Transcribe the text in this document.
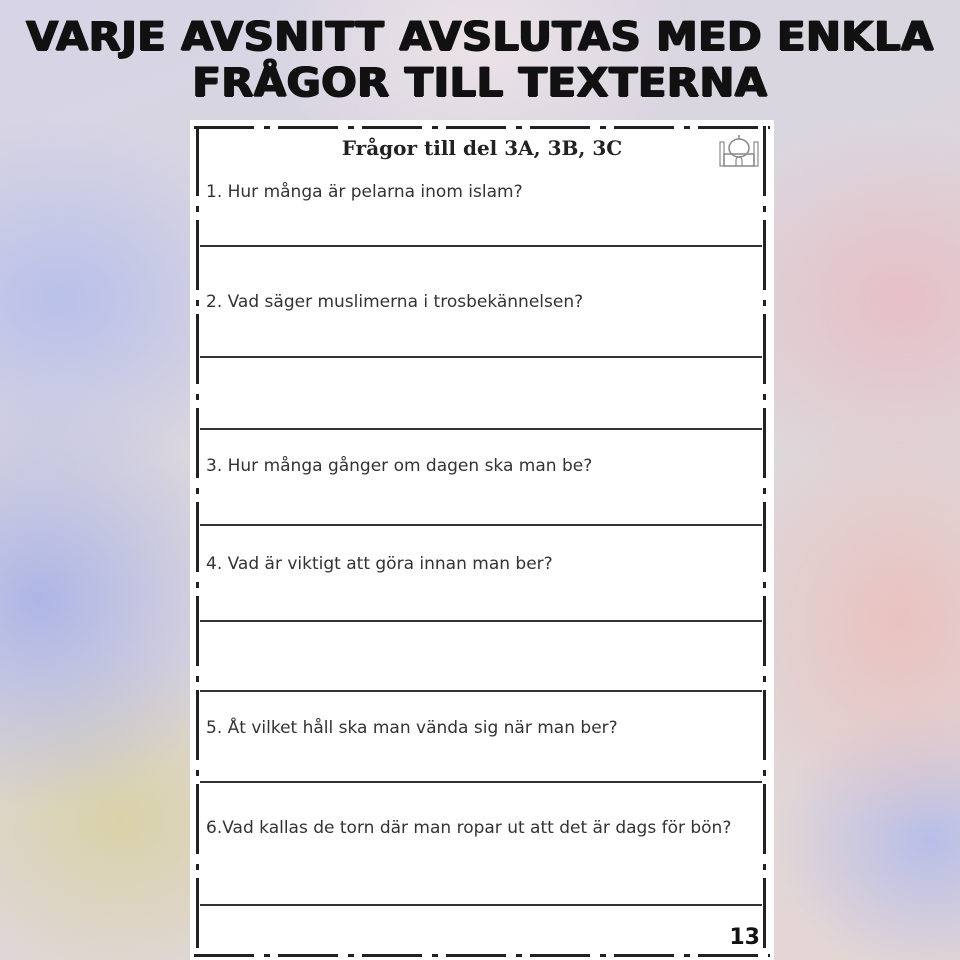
VARJE AVSNITT AVSLUTAS MED ENKLA
FRÅGOR TILL TEXTERNA
Frågor till del 3A, 3B, 3C
1. Hur många är pelarna inom islam?
2. Vad säger muslimerna i trosbekännelsen?
3. Hur många gånger om dagen ska man be?
4. Vad är viktigt att göra innan man ber?
5. Åt vilket håll ska man vända sig när man ber?
6.Vad kallas de torn där man ropar ut att det är dags för bön?
13
